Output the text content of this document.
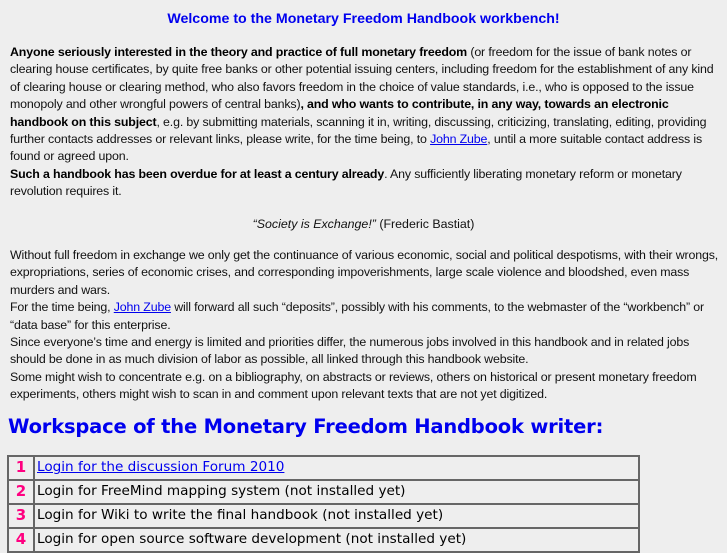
Welcome to the Monetary Freedom Handbook workbench!

Anyone seriously interested in the theory and practice of full monetary freedom (or freedom for the issue of bank notes or clearing house certificates, by quite free banks or other potential issuing centers, including freedom for the establishment of any kind of clearing house or clearing method, who also favors freedom in the choice of value standards, i.e., who is opposed to the issue monopoly and other wrongful powers of central banks), and who wants to contribute, in any way, towards an electronic handbook on this subject, e.g. by submitting materials, scanning it in, writing, discussing, criticizing, translating, editing, providing further contacts addresses or relevant links, please write, for the time being, to John Zube, until a more suitable contact address is found or agreed upon.
Such a handbook has been overdue for at least a century already. Any sufficiently liberating monetary reform or monetary revolution requires it.

“Society is Exchange!” (Frederic Bastiat)

Without full freedom in exchange we only get the continuance of various economic, social and political despotisms, with their wrongs, expropriations, series of economic crises, and corresponding impoverishments, large scale violence and bloodshed, even mass murders and wars.
For the time being, John Zube will forward all such “deposits”, possibly with his comments, to the webmaster of the “workbench” or “data base” for this enterprise.
Since everyone’s time and energy is limited and priorities differ, the numerous jobs involved in this handbook and in related jobs should be done in as much division of labor as possible, all linked through this handbook website.
Some might wish to concentrate e.g. on a bibliography, on abstracts or reviews, others on historical or present monetary freedom experiments, others might wish to scan in and comment upon relevant texts that are not yet digitized.

Workspace of the Monetary Freedom Handbook writer:
1	Login for the discussion Forum 2010
2	Login for FreeMind mapping system (not installed yet)
3	Login for Wiki to write the final handbook (not installed yet)
4	Login for open source software development (not installed yet)
